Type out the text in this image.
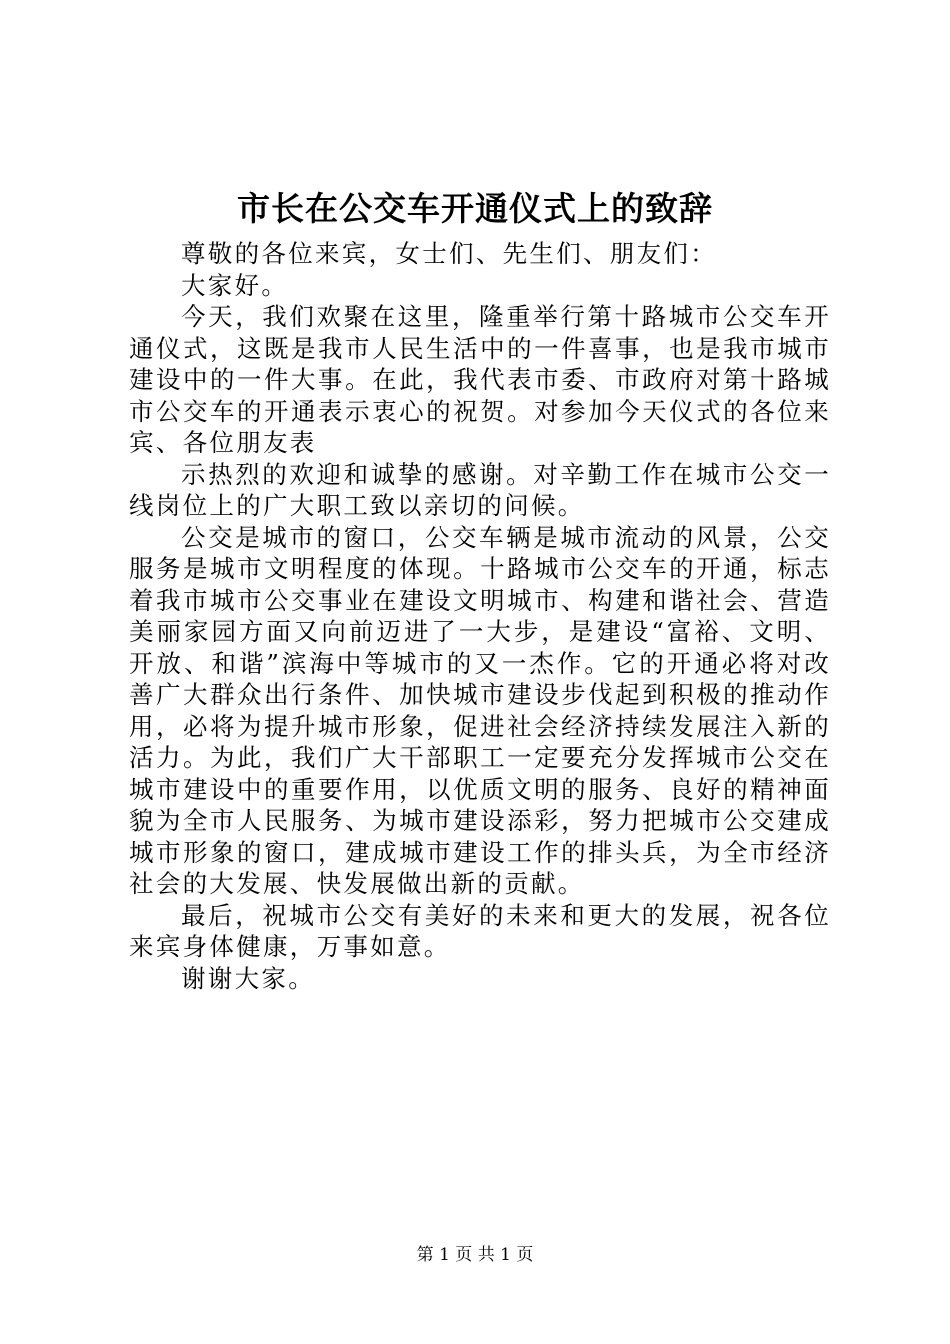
市长在公交车开通仪式上的致辞

尊敬的各位来宾，女士们、先生们、朋友们：

大家好。

今天，我们欢聚在这里，隆重举行第十路城市公交车开通仪式，这既是我市人民生活中的一件喜事，也是我市城市建设中的一件大事。在此，我代表市委、市政府对第十路城市公交车的开通表示衷心的祝贺。对参加今天仪式的各位来宾、各位朋友表

示热烈的欢迎和诚挚的感谢。对辛勤工作在城市公交一线岗位上的广大职工致以亲切的问候。

公交是城市的窗口，公交车辆是城市流动的风景，公交服务是城市文明程度的体现。十路城市公交车的开通，标志着我市城市公交事业在建设文明城市、构建和谐社会、营造美丽家园方面又向前迈进了一大步，是建设“富裕、文明、开放、和谐”滨海中等城市的又一杰作。它的开通必将对改善广大群众出行条件、加快城市建设步伐起到积极的推动作用，必将为提升城市形象，促进社会经济持续发展注入新的活力。为此，我们广大干部职工一定要充分发挥城市公交在城市建设中的重要作用，以优质文明的服务、良好的精神面貌为全市人民服务、为城市建设添彩，努力把城市公交建成城市形象的窗口，建成城市建设工作的排头兵，为全市经济社会的大发展、快发展做出新的贡献。

最后，祝城市公交有美好的未来和更大的发展，祝各位来宾身体健康，万事如意。

谢谢大家。

第 1 页 共 1 页
